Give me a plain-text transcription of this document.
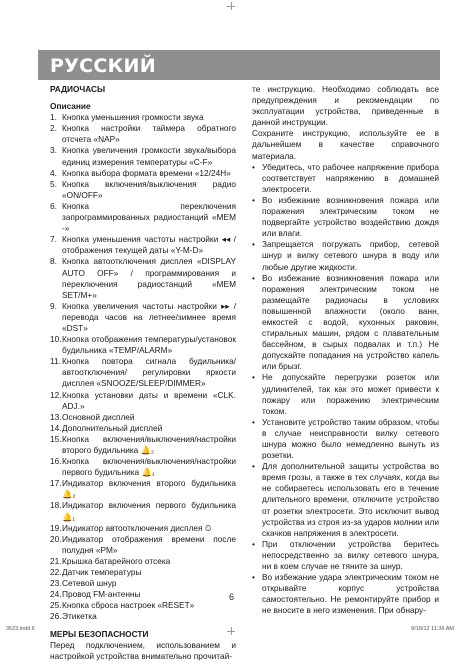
РУССКИЙ

РАДИОЧАСЫ

Описание

1. Кнопка уменьшения громкости звука
2. Кнопка настройки таймера обратного отсчета «NAP»
3. Кнопка увеличения громкости звука/выбора единиц измерения температуры «C-F»
4. Кнопка выбора формата времени «12/24H»
5. Кнопка включения/выключения радио «ON/OFF»
6. Кнопка переключения запрограммированных радиостанций «MEM -»
7. Кнопка уменьшения частоты настройки ◂◂ / отображения текущей даты «Y-M-D»
8. Кнопка автоотключения дисплея «DISPLAY AUTO OFF» / программирования и переключения радиостанций «MEM SET/M+»
9. Кнопка увеличения частоты настройки ▸▸ / перевода часов на летнее/зимнее время «DST»
10. Кнопка отображения температуры/установок будильника «TEMP/ALARM»
11. Кнопка повтора сигнала будильника/автоотключения/ регулировки яркости дисплея «SNOOZE/SLEEP/DIMMER»
12. Кнопка установки даты и времени «CLK. ADJ.»
13. Основной дисплей
14. Дополнительный дисплей
15. Кнопка включения/выключения/настройки второго будильника 🔔₂
16. Кнопка включения/выключения/настройки первого будильника 🔔₁
17. Индикатор включения второго будильника 🔔₂
18. Индикатор включения первого будильника 🔔₁
19. Индикатор автоотключения дисплея ⏲
20. Индикатор отображения времени после полудня «PM»
21. Крышка батарейного отсека
22. Датчик температуры
23. Сетевой шнур
24. Провод FM-антенны
25. Кнопка сброса настроек «RESET»
26. Этикетка

МЕРЫ БЕЗОПАСНОСТИ

Перед подключением, использованием и настройкой устройства внимательно прочитай-

те инструкцию. Необходимо соблюдать все предупреждения и рекомендации по эксплуатации устройства, приведенные в данной инструкции.

Сохраните инструкцию, используйте ее в дальнейшем в качестве справочного материала.

• Убедитесь, что рабочее напряжение прибора соответствует напряжению в домашней электросети.
• Во избежание возникновения пожара или поражения электрическим током не подвергайте устройство воздействию дождя или влаги.
• Запрещается погружать прибор, сетевой шнур и вилку сетевого шнура в воду или любые другие жидкости.
• Во избежание возникновения пожара или поражения электрическим током не размещайте радиочасы в условиях повышенной влажности (около ванн, емкостей с водой, кухонных раковин, стиральных машин, рядом с плавательным бассейном, в сырых подвалах и т.п.) Не допускайте попадания на устройство капель или брызг.
• Не допускайте перегрузки розеток или удлинителей, так как это может привести к пожару или поражению электрическим током.
• Установите устройство таким образом, чтобы в случае неисправности вилку сетевого шнура можно было немедленно вынуть из розетки.
• Для дополнительной защиты устройства во время грозы, а также в тех случаях, когда вы не собираетесь использовать его в течение длительного времени, отключите устройство от розетки электросети. Это исключит вывод устройства из строя из-за ударов молнии или скачков напряжения в электросети.
• При отключении устройства беритесь непосредственно за вилку сетевого шнура, ни в коем случае не тяните за шнур.
• Во избежание удара электрическим током не открывайте корпус устройства самостоятельно. Не ремонтируйте прибор и не вносите в него изменения. При обнару-
6
3523.indd 6	8/18/12 11:36 AM
